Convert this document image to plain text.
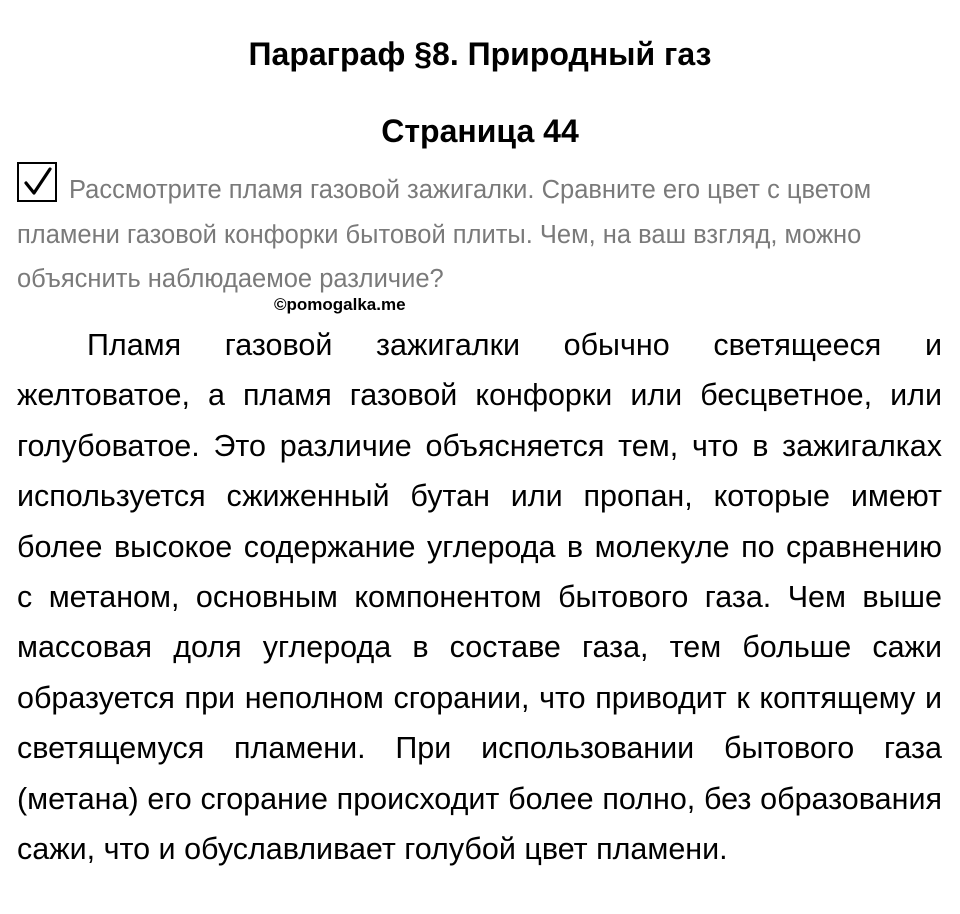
Параграф §8. Природный газ
Страница 44

Рассмотрите пламя газовой зажигалки. Сравните его цвет с цветом пламени газовой конфорки бытовой плиты. Чем, на ваш взгляд, можно объяснить наблюдаемое различие?

©pomogalka.me

Пламя газовой зажигалки обычно светящееся и желтоватое, а пламя газовой конфорки или бесцветное, или голубоватое. Это различие объясняется тем, что в зажигалках используется сжиженный бутан или пропан, которые имеют более высокое содержание углерода в молекуле по сравнению с метаном, основным компонентом бытового газа. Чем выше массовая доля углерода в составе газа, тем больше сажи образуется при неполном сгорании, что приводит к коптящему и светящемуся пламени. При использовании бытового газа (метана) его сгорание происходит более полно, без образования сажи, что и обуславливает голубой цвет пламени.
